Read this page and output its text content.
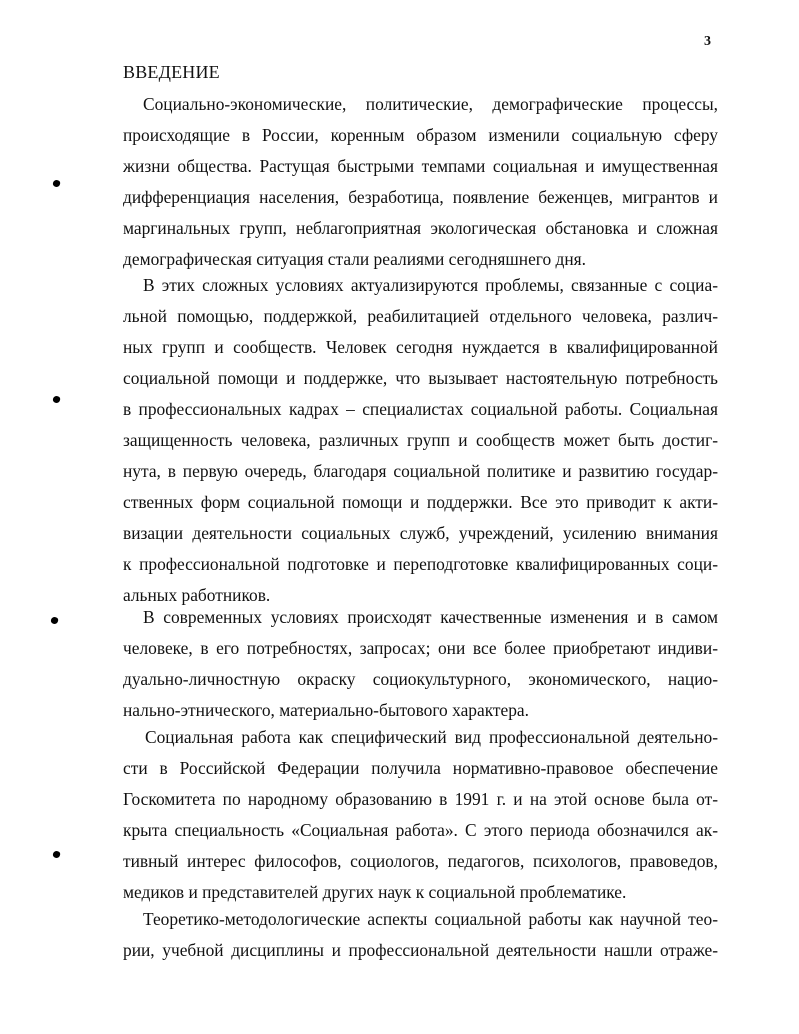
3
ВВЕДЕНИЕ
Социально-экономические, политические, демографические процессы,
происходящие в России, коренным образом изменили социальную сферу
жизни общества. Растущая быстрыми темпами социальная и имущественная
дифференциация населения, безработица, появление беженцев, мигрантов и
маргинальных групп, неблагоприятная экологическая обстановка и сложная
демографическая ситуация стали реалиями сегодняшнего дня.
В этих сложных условиях актуализируются проблемы, связанные с социа-
льной помощью, поддержкой, реабилитацией отдельного человека, различ-
ных групп и сообществ. Человек сегодня нуждается в квалифицированной
социальной помощи и поддержке, что вызывает настоятельную потребность
в профессиональных кадрах – специалистах социальной работы. Социальная
защищенность человека, различных групп и сообществ может быть достиг-
нута, в первую очередь, благодаря социальной политике и развитию государ-
ственных форм социальной помощи и поддержки. Все это приводит к акти-
визации деятельности социальных служб, учреждений, усилению внимания
к профессиональной подготовке и переподготовке квалифицированных соци-
альных работников.
В современных условиях происходят качественные изменения и в самом
человеке, в его потребностях, запросах; они все более приобретают индиви-
дуально-личностную окраску социокультурного, экономического, нацио-
нально-этнического, материально-бытового характера.
Социальная работа как специфический вид профессиональной деятельно-
сти в Российской Федерации получила нормативно-правовое обеспечение
Госкомитета по народному образованию в 1991 г. и на этой основе была от-
крыта специальность «Социальная работа». С этого периода обозначился ак-
тивный интерес философов, социологов, педагогов, психологов, правоведов,
медиков и представителей других наук к социальной проблематике.
Теоретико-методологические аспекты социальной работы как научной тео-
рии, учебной дисциплины и профессиональной деятельности нашли отраже-
